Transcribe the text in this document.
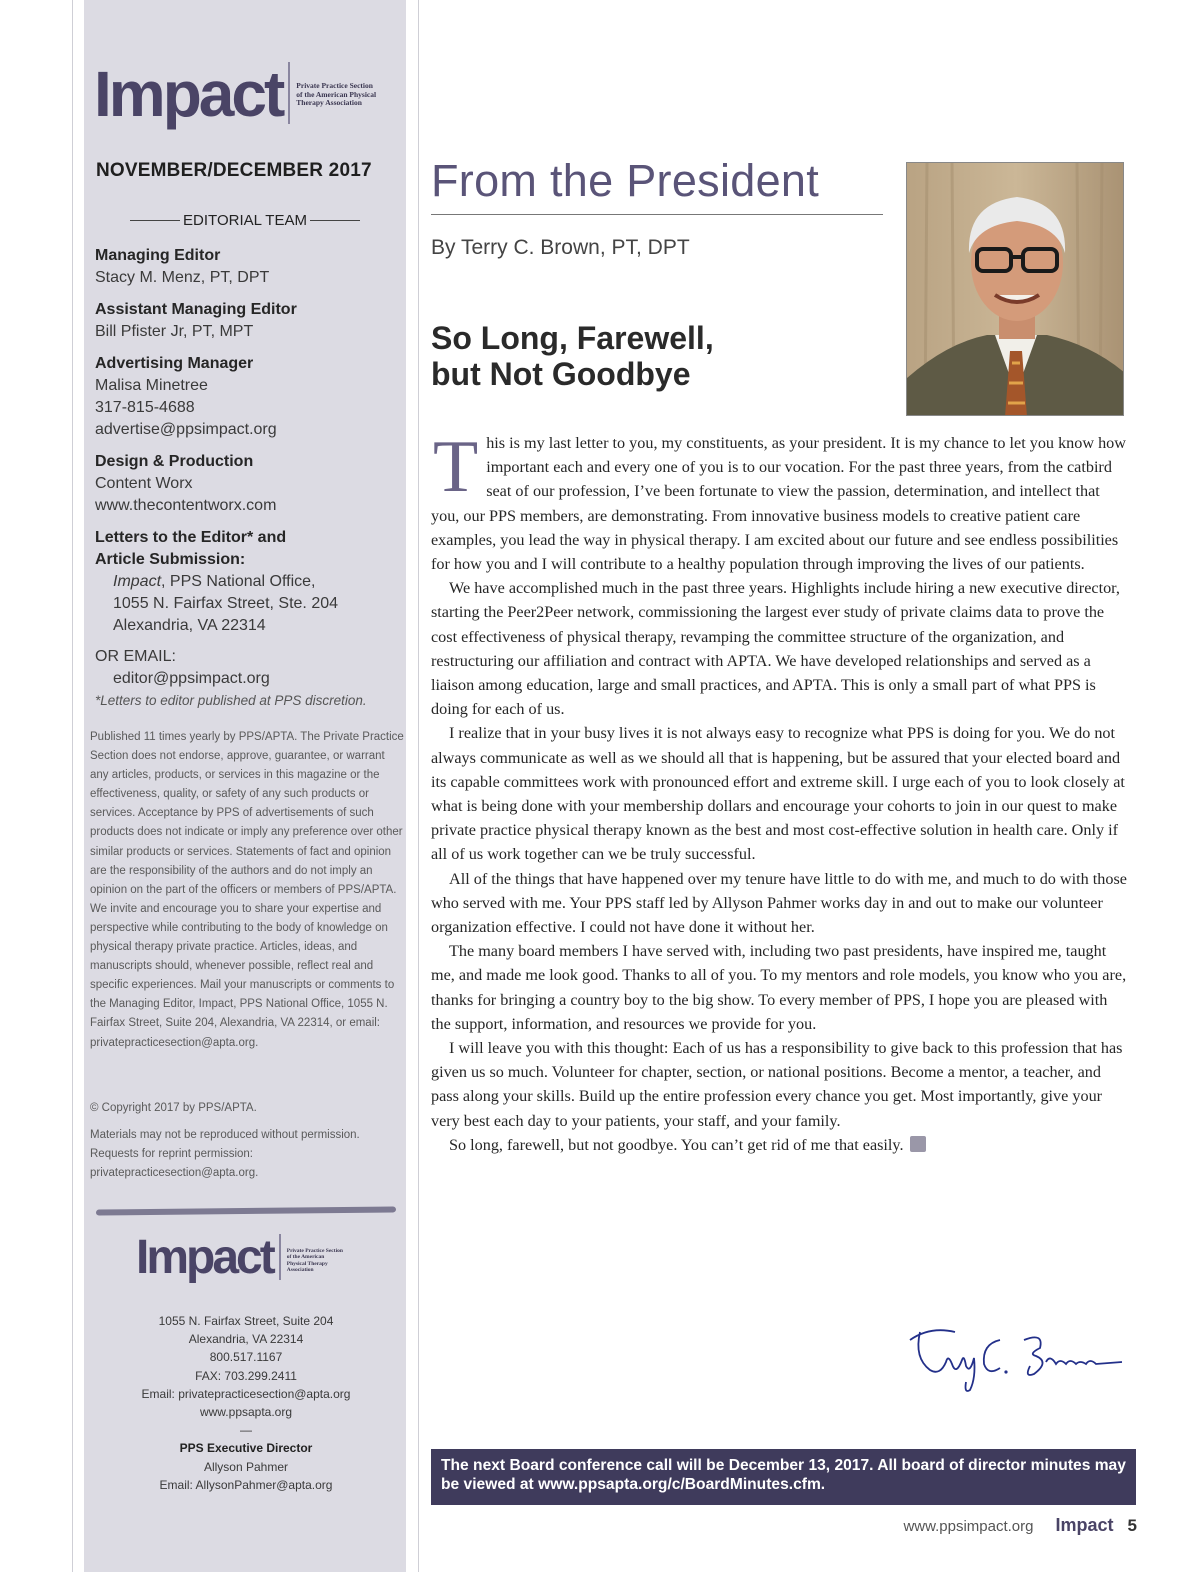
Impact Private Practice Section of the American Physical Therapy Association
NOVEMBER/DECEMBER 2017
EDITORIAL TEAM
Managing Editor
Stacy M. Menz, PT, DPT
Assistant Managing Editor
Bill Pfister Jr, PT, MPT
Advertising Manager
Malisa Minetree
317-815-4688
advertise@ppsimpact.org
Design & Production
Content Worx
www.thecontentworx.com
Letters to the Editor* and
Article Submission:
Impact, PPS National Office,
1055 N. Fairfax Street, Ste. 204
Alexandria, VA 22314
OR EMAIL:
editor@ppsimpact.org
*Letters to editor published at PPS discretion.
Published 11 times yearly by PPS/APTA. The Private Practice Section does not endorse, approve, guarantee, or warrant any articles, products, or services in this magazine or the effectiveness, quality, or safety of any such products or services. Acceptance by PPS of advertisements of such products does not indicate or imply any preference over other similar products or services. Statements of fact and opinion are the responsibility of the authors and do not imply an opinion on the part of the officers or members of PPS/APTA. We invite and encourage you to share your expertise and perspective while contributing to the body of knowledge on physical therapy private practice. Articles, ideas, and manuscripts should, whenever possible, reflect real and specific experiences. Mail your manuscripts or comments to the Managing Editor, Impact, PPS National Office, 1055 N. Fairfax Street, Suite 204, Alexandria, VA 22314, or email: privatepracticesection@apta.org.
© Copyright 2017 by PPS/APTA.
Materials may not be reproduced without permission. Requests for reprint permission: privatepracticesection@apta.org.
Impact	Private Practice Section of the American Physical Therapy Association
1055 N. Fairfax Street, Suite 204
Alexandria, VA 22314
800.517.1167
FAX: 703.299.2411
Email: privatepracticesection@apta.org
www.ppsapta.org
—
PPS Executive Director
Allyson Pahmer
Email: AllysonPahmer@apta.org
From the President
By Terry C. Brown, PT, DPT
So Long, Farewell,
but Not Goodbye

This is my last letter to you, my constituents, as your president. It is my chance to let you know how important each and every one of you is to our vocation. For the past three years, from the catbird seat of our profession, I’ve been fortunate to view the passion, determination, and intellect that you, our PPS members, are demonstrating. From innovative business models to creative patient care examples, you lead the way in physical therapy. I am excited about our future and see endless possibilities for how you and I will contribute to a healthy population through improving the lives of our patients.

We have accomplished much in the past three years. Highlights include hiring a new executive director, starting the Peer2Peer network, commissioning the largest ever study of private claims data to prove the cost effectiveness of physical therapy, revamping the committee structure of the organization, and restructuring our affiliation and contract with APTA. We have developed relationships and served as a liaison among education, large and small practices, and APTA. This is only a small part of what PPS is doing for each of us.

I realize that in your busy lives it is not always easy to recognize what PPS is doing for you. We do not always communicate as well as we should all that is happening, but be assured that your elected board and its capable committees work with pronounced effort and extreme skill. I urge each of you to look closely at what is being done with your membership dollars and encourage your cohorts to join in our quest to make private practice physical therapy known as the best and most cost-effective solution in health care. Only if all of us work together can we be truly successful.

All of the things that have happened over my tenure have little to do with me, and much to do with those who served with me. Your PPS staff led by Allyson Pahmer works day in and out to make our volunteer organization effective. I could not have done it without her.

The many board members I have served with, including two past presidents, have inspired me, taught me, and made me look good. Thanks to all of you. To my mentors and role models, you know who you are, thanks for bringing a country boy to the big show. To every member of PPS, I hope you are pleased with the support, information, and resources we provide for you.

I will leave you with this thought: Each of us has a responsibility to give back to this profession that has given us so much. Volunteer for chapter, section, or national positions. Become a mentor, a teacher, and pass along your skills. Build up the entire profession every chance you get. Most importantly, give your very best each day to your patients, your staff, and your family.

So long, farewell, but not goodbye. You can’t get rid of me that easily.

The next Board conference call will be December 13, 2017. All board of director minutes may be viewed at www.ppsapta.org/c/BoardMinutes.cfm.
www.ppsimpact.org Impact 5
